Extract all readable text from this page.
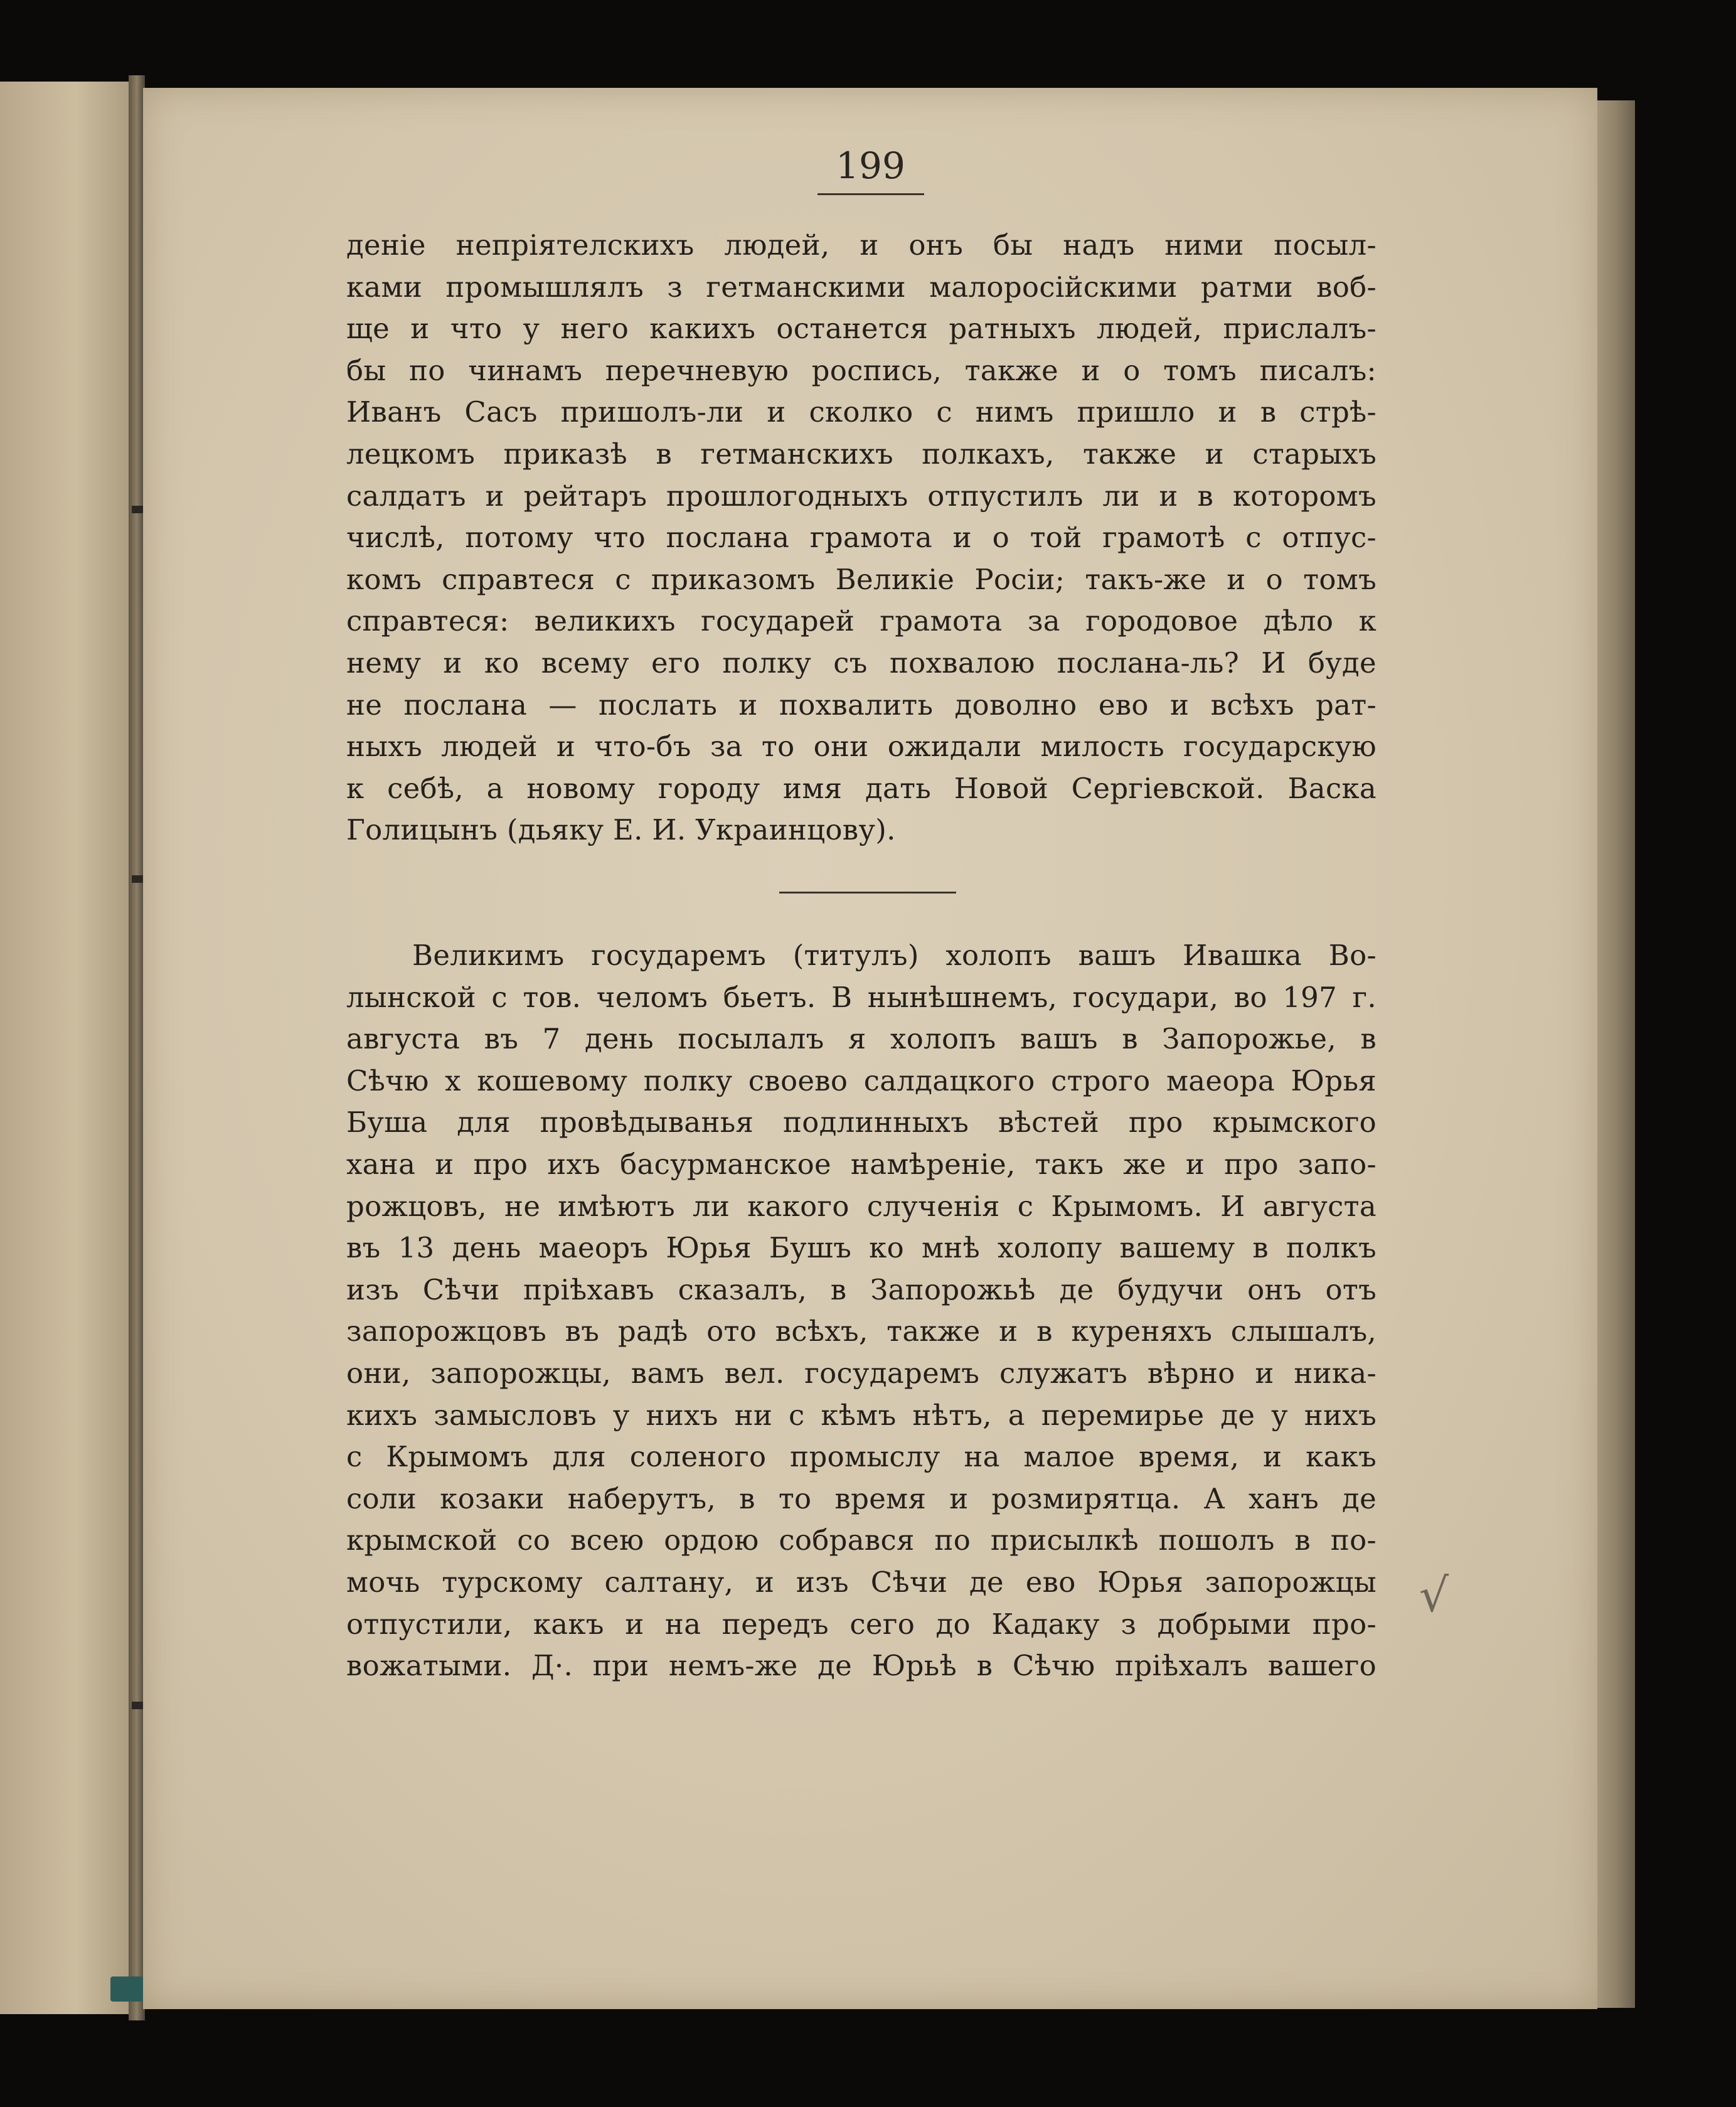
199
деніе непріятелскихъ людей, и онъ бы надъ ними посыл-
ками промышлялъ з гетманскими малоросійскими ратми воб-
ще и что у него какихъ останется ратныхъ людей, прислалъ-
бы по чинамъ перечневую роспись, также и о томъ писалъ:
Иванъ Сасъ пришолъ-ли и сколко с нимъ пришло и в стрѣ-
лецкомъ приказѣ в гетманскихъ полкахъ, также и старыхъ
салдатъ и рейтаръ прошлогодныхъ отпустилъ ли и в которомъ
числѣ, потому что послана грамота и о той грамотѣ с отпус-
комъ справтеся с приказомъ Великіе Росіи; такъ-же и о томъ
справтеся: великихъ государей грамота за городовое дѣло к
нему и ко всему его полку съ похвалою послана-ль? И буде
не послана — послать и похвалить доволно ево и всѣхъ рат-
ныхъ людей и что-бъ за то они ожидали милость государскую
к себѣ, а новому городу имя дать Новой Сергіевской. Васка
Голицынъ (дьяку Е. И. Украинцову).
Великимъ государемъ (титулъ) холопъ вашъ Ивашка Во-
лынской с тов. челомъ бьетъ. В нынѣшнемъ, государи, во 197 г.
августа въ 7 день посылалъ я холопъ вашъ в Запорожье, в
Сѣчю х кошевому полку своево салдацкого строго маеора Юрья
Буша для провѣдыванья подлинныхъ вѣстей про крымского
хана и про ихъ басурманское намѣреніе, такъ же и про запо-
рожцовъ, не имѣютъ ли какого слученія с Крымомъ. И августа
въ 13 день маеоръ Юрья Бушъ ко мнѣ холопу вашему в полкъ
изъ Сѣчи пріѣхавъ сказалъ, в Запорожьѣ де будучи онъ отъ
запорожцовъ въ радѣ ото всѣхъ, также и в куреняхъ слышалъ,
они, запорожцы, вамъ вел. государемъ служатъ вѣрно и ника-
кихъ замысловъ у нихъ ни с кѣмъ нѣтъ, а перемирье де у нихъ
с Крымомъ для соленого промыслу на малое время, и какъ
соли козаки наберутъ, в то время и розмирятца. А ханъ де
крымской со всею ордою собрався по присылкѣ пошолъ в по-
мочь турскому салтану, и изъ Сѣчи де ево Юрья запорожцы
отпустили, какъ и на передъ сего до Кадаку з добрыми про-
вожатыми. Д·. при немъ-же де Юрьѣ в Сѣчю пріѣхалъ вашего
√
